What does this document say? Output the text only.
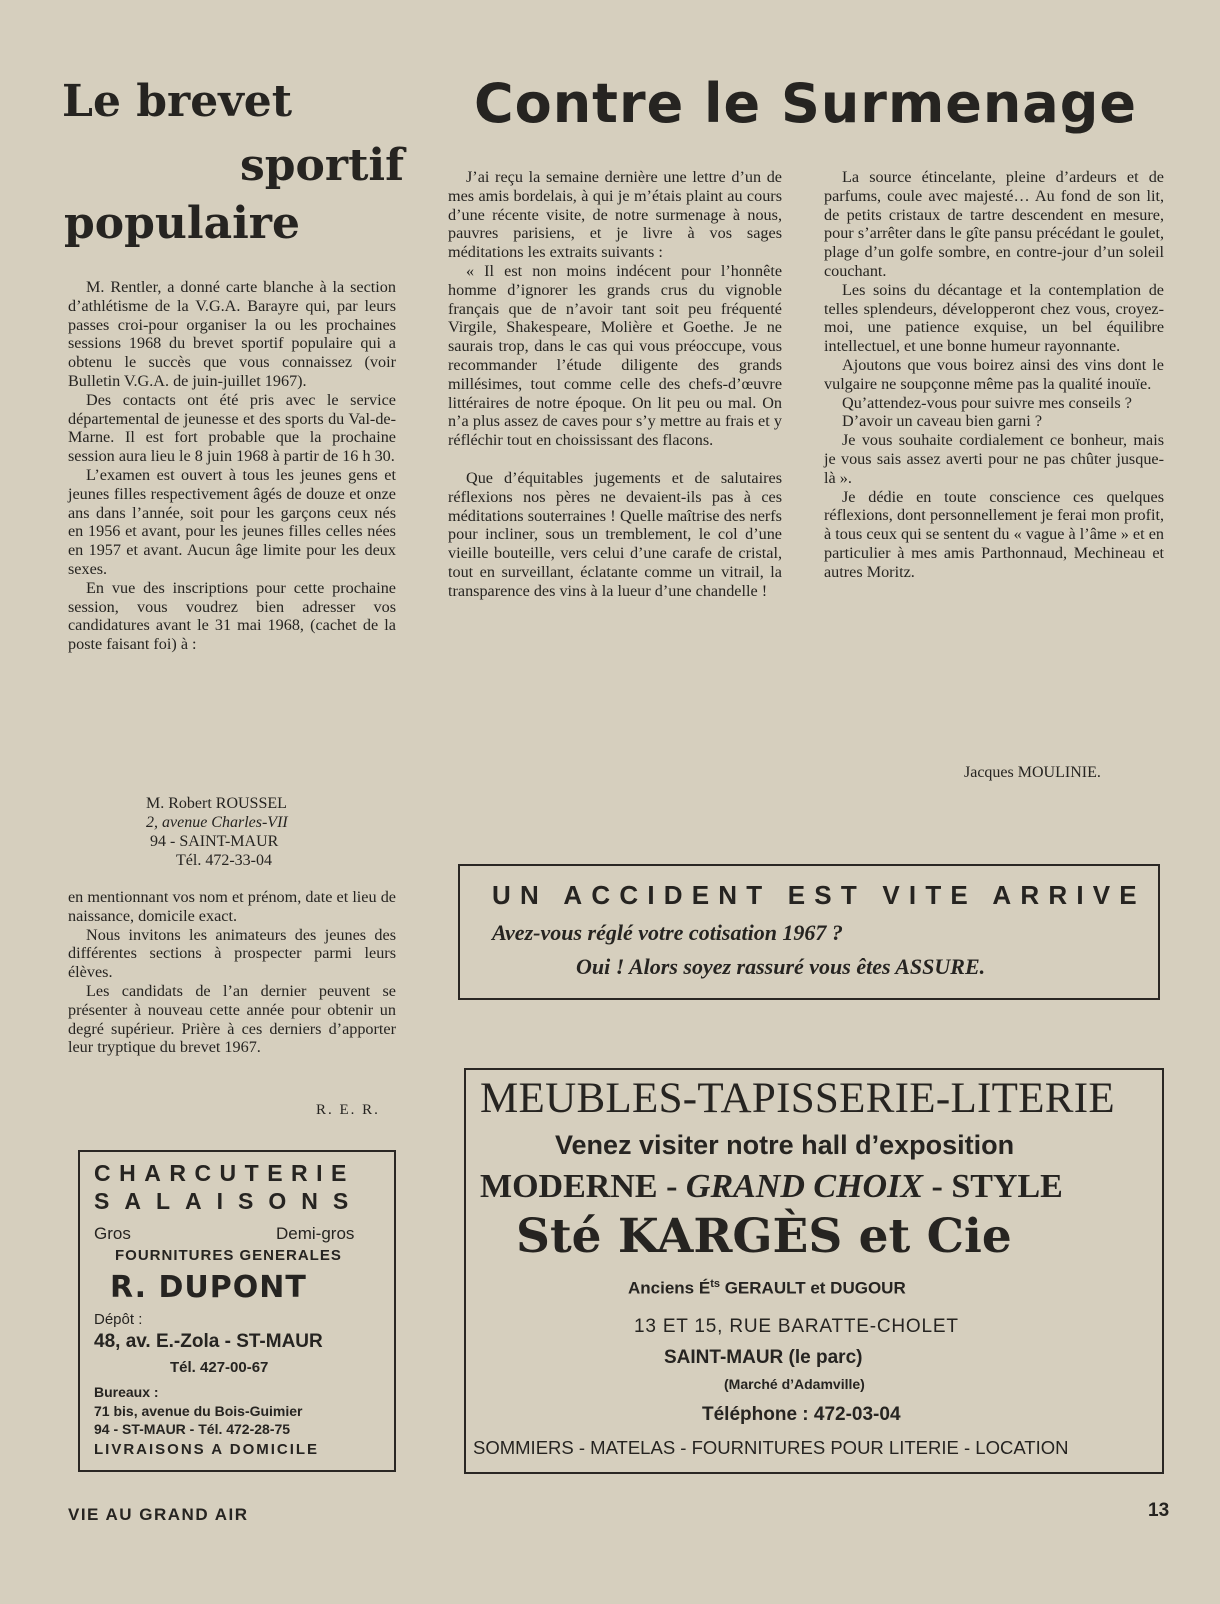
Le brevet
sportif
populaire

M. Rentler, a donné carte blanche à la section d’athlétisme de la V.G.A. Barayre qui, par leurs passes croi-pour organiser la ou les prochaines sessions 1968 du brevet sportif populaire qui a obtenu le succès que vous connaissez (voir Bulletin V.G.A. de juin-juillet 1967).

Des contacts ont été pris avec le service départemental de jeunesse et des sports du Val-de-Marne. Il est fort probable que la prochaine session aura lieu le 8 juin 1968 à partir de 16 h 30.

L’examen est ouvert à tous les jeunes gens et jeunes filles respectivement âgés de douze et onze ans dans l’année, soit pour les garçons ceux nés en 1956 et avant, pour les jeunes filles celles nées en 1957 et avant. Aucun âge limite pour les deux sexes.

En vue des inscriptions pour cette prochaine session, vous voudrez bien adresser vos candidatures avant le 31 mai 1968, (cachet de la poste faisant foi) à :

M. Robert ROUSSEL
2, avenue Charles-VII
94 - SAINT-MAUR
Tél. 472-33-04

en mentionnant vos nom et prénom, date et lieu de naissance, domicile exact.

Nous invitons les animateurs des jeunes des différentes sections à prospecter parmi leurs élèves.

Les candidats de l’an dernier peuvent se présenter à nouveau cette année pour obtenir un degré supérieur. Prière à ces derniers d’apporter leur tryptique du brevet 1967.

R. E. R.
Contre le Surmenage

J’ai reçu la semaine dernière une lettre d’un de mes amis bordelais, à qui je m’étais plaint au cours d’une récente visite, de notre surmenage à nous, pauvres parisiens, et je livre à vos sages méditations les extraits suivants :

« Il est non moins indécent pour l’honnête homme d’ignorer les grands crus du vignoble français que de n’avoir tant soit peu fréquenté Virgile, Shakespeare, Molière et Goethe. Je ne saurais trop, dans le cas qui vous préoccupe, vous recommander l’étude diligente des grands millésimes, tout comme celle des chefs-d’œuvre littéraires de notre époque. On lit peu ou mal. On n’a plus assez de caves pour s’y mettre au frais et y réfléchir tout en choississant des flacons.

Que d’équitables jugements et de salutaires réflexions nos pères ne devaient-ils pas à ces méditations souterraines ! Quelle maîtrise des nerfs pour incliner, sous un tremblement, le col d’une vieille bouteille, vers celui d’une carafe de cristal, tout en surveillant, éclatante comme un vitrail, la transparence des vins à la lueur d’une chandelle !

La source étincelante, pleine d’ardeurs et de parfums, coule avec majesté… Au fond de son lit, de petits cristaux de tartre descendent en mesure, pour s’arrêter dans le gîte pansu précédant le goulet, plage d’un golfe sombre, en contre-jour d’un soleil couchant.

Les soins du décantage et la contemplation de telles splendeurs, développeront chez vous, croyez-moi, une patience exquise, un bel équilibre intellectuel, et une bonne humeur rayonnante.

Ajoutons que vous boirez ainsi des vins dont le vulgaire ne soupçonne même pas la qualité inouïe.

Qu’attendez-vous pour suivre mes conseils ?

D’avoir un caveau bien garni ?

Je vous souhaite cordialement ce bonheur, mais je vous sais assez averti pour ne pas chûter jusque-là ».

Je dédie en toute conscience ces quelques réflexions, dont personnellement je ferai mon profit, à tous ceux qui se sentent du « vague à l’âme » et en particulier à mes amis Parthonnaud, Mechineau et autres Moritz.

Jacques MOULINIE.
UN ACCIDENT EST VITE ARRIVE
Avez-vous réglé votre cotisation 1967 ?
Oui ! Alors soyez rassuré vous êtes ASSURE.
CHARCUTERIE
SALAISONS
Gros	Demi-gros
FOURNITURES GENERALES
R. DUPONT
Dépôt :
48, av. E.-Zola - ST-MAUR
Tél. 427-00-67
Bureaux :
71 bis, avenue du Bois-Guimier
94 - ST-MAUR - Tél. 472-28-75
LIVRAISONS A DOMICILE
MEUBLES-TAPISSERIE-LITERIE
Venez visiter notre hall d’exposition
MODERNE - GRAND CHOIX - STYLE
Sté KARGÈS et Cie
Anciens $É^{ts}$ GERAULT et DUGOUR
13 ET 15, RUE BARATTE-CHOLET
SAINT-MAUR (le parc)
(Marché d’Adamville)
Téléphone : 472-03-04
SOMMIERS - MATELAS - FOURNITURES POUR LITERIE - LOCATION
VIE AU GRAND AIR	13
